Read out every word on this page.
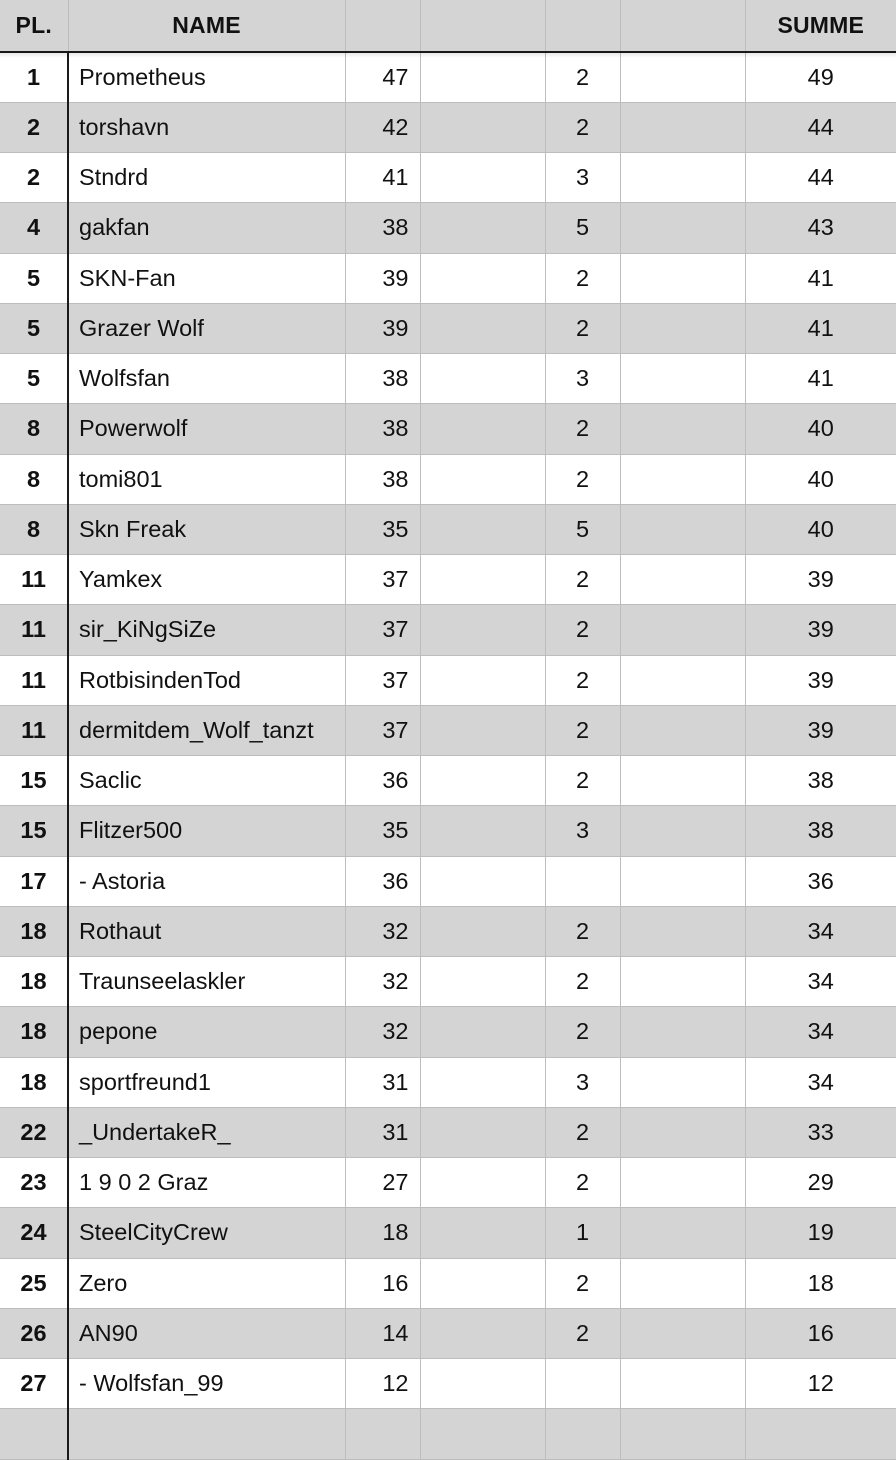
PL.	NAME					SUMME
1	Prometheus	47		2		49
2	torshavn	42		2		44
2	Stndrd	41		3		44
4	gakfan	38		5		43
5	SKN-Fan	39		2		41
5	Grazer Wolf	39		2		41
5	Wolfsfan	38		3		41
8	Powerwolf	38		2		40
8	tomi801	38		2		40
8	Skn Freak	35		5		40
11	Yamkex	37		2		39
11	sir_KiNgSiZe	37		2		39
11	RotbisindenTod	37		2		39
11	dermitdem_Wolf_tanzt	37		2		39
15	Saclic	36		2		38
15	Flitzer500	35		3		38
17	- Astoria	36				36
18	Rothaut	32		2		34
18	Traunseelaskler	32		2		34
18	pepone	32		2		34
18	sportfreund1	31		3		34
22	_UndertakeR_	31		2		33
23	1 9 0 2 Graz	27		2		29
24	SteelCityCrew	18		1		19
25	Zero	16		2		18
26	AN90	14		2		16
27	- Wolfsfan_99	12				12
